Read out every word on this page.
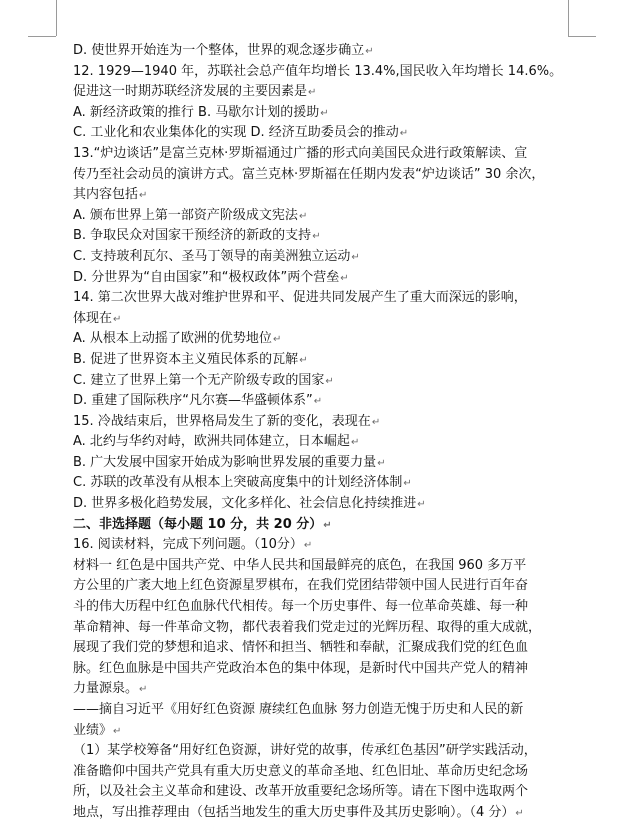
D. 使世界开始连为一个整体，世界的观念逐步确立↵
12. 1929—1940 年，苏联社会总产值年均增长 13.4%,国民收入年均增长 14.6%。
促进这一时期苏联经济发展的主要因素是↵
A. 新经济政策的推行 B. 马歇尔计划的援助↵
C. 工业化和农业集体化的实现 D. 经济互助委员会的推动↵
13.“炉边谈话”是富兰克林·罗斯福通过广播的形式向美国民众进行政策解读、宣
传乃至社会动员的演讲方式。富兰克林·罗斯福在任期内发表“炉边谈话” 30 余次，
其内容包括↵
A. 颁布世界上第一部资产阶级成文宪法↵
B. 争取民众对国家干预经济的新政的支持↵
C. 支持玻利瓦尔、圣马丁领导的南美洲独立运动↵
D. 分世界为“自由国家”和“极权政体”两个营垒↵
14. 第二次世界大战对维护世界和平、促进共同发展产生了重大而深远的影响，
体现在↵
A. 从根本上动摇了欧洲的优势地位↵
B. 促进了世界资本主义殖民体系的瓦解↵
C. 建立了世界上第一个无产阶级专政的国家↵
D. 重建了国际秩序“凡尔赛—华盛顿体系”↵
15. 冷战结束后，世界格局发生了新的变化，表现在↵
A. 北约与华约对峙，欧洲共同体建立，日本崛起↵
B. 广大发展中国家开始成为影响世界发展的重要力量↵
C. 苏联的改革没有从根本上突破高度集中的计划经济体制↵
D. 世界多极化趋势发展，文化多样化、社会信息化持续推进↵
二、非选择题（每小题 10 分，共 20 分）↵
16. 阅读材料，完成下列问题。（10分）↵
材料一 红色是中国共产党、中华人民共和国最鲜亮的底色，在我国 960 多万平
方公里的广袤大地上红色资源星罗棋布，在我们党团结带领中国人民进行百年奋
斗的伟大历程中红色血脉代代相传。每一个历史事件、每一位革命英雄、每一种
革命精神、每一件革命文物，都代表着我们党走过的光辉历程、取得的重大成就，
展现了我们党的梦想和追求、情怀和担当、牺牲和奉献，汇聚成我们党的红色血
脉。红色血脉是中国共产党政治本色的集中体现，是新时代中国共产党人的精神
力量源泉。↵
——摘自习近平《用好红色资源 赓续红色血脉 努力创造无愧于历史和人民的新
业绩》↵
（1）某学校筹备“用好红色资源，讲好党的故事，传承红色基因”研学实践活动，
准备瞻仰中国共产党具有重大历史意义的革命圣地、红色旧址、革命历史纪念场
所，以及社会主义革命和建设、改革开放重要纪念场所等。请在下图中选取两个
地点，写出推荐理由（包括当地发生的重大历史事件及其历史影响）。（4 分）↵
